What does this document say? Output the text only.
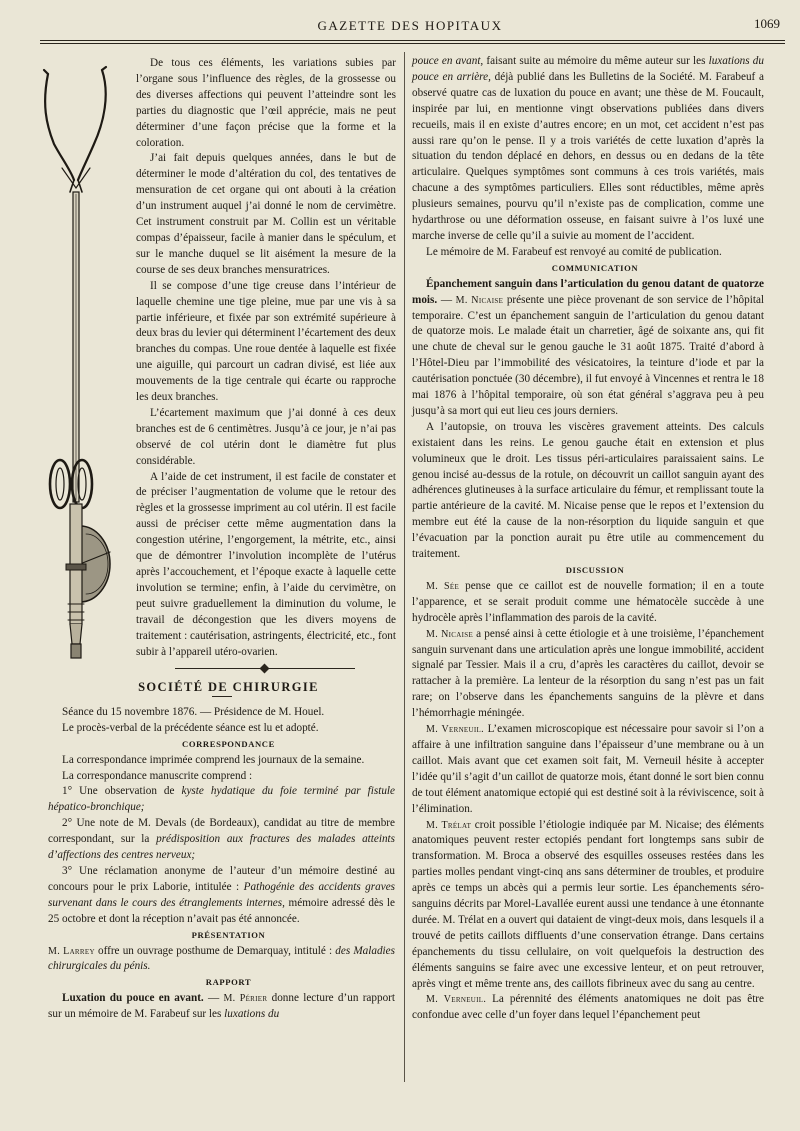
GAZETTE DES HOPITAUX	1069

De tous ces éléments, les variations subies par l’organe sous l’influence des règles, de la grossesse ou des diverses affections qui peuvent l’atteindre sont les parties du diagnostic que l’œil apprécie, mais ne peut déterminer d’une façon précise que la forme et la coloration.

J’ai fait depuis quelques années, dans le but de déterminer le mode d’altération du col, des tentatives de mensuration de cet organe qui ont abouti à la création d’un instrument auquel j’ai donné le nom de cervimètre. Cet instrument construit par M. Collin est un véritable compas d’épaisseur, facile à manier dans le spéculum, et sur le manche duquel se lit aisément la mesure de la course de ses deux branches mensuratrices.

Il se compose d’une tige creuse dans l’intérieur de laquelle chemine une tige pleine, mue par une vis à sa partie inférieure, et fixée par son extrémité supérieure à deux bras du levier qui déterminent l’écartement des deux branches du compas. Une roue dentée à laquelle est fixée une aiguille, qui parcourt un cadran divisé, est liée aux mouvements de la tige centrale qui écarte ou rapproche les deux branches.

L’écartement maximum que j’ai donné à ces deux branches est de 6 centimètres. Jusqu’à ce jour, je n’ai pas observé de col utérin dont le diamètre fut plus considérable.

A l’aide de cet instrument, il est facile de constater et de préciser l’augmentation de volume que le retour des règles et la grossesse impriment au col utérin. Il est facile aussi de préciser cette même augmentation dans la congestion utérine, l’engorgement, la métrite, etc., ainsi que de démontrer l’involution incomplète de l’utérus après l’accouchement, et l’époque exacte à laquelle cette involution se termine; enfin, à l’aide du cervimètre, on peut suivre graduellement la diminution du volume, le travail de décongestion que les divers moyens de traitement : cautérisation, astringents, électricité, etc., font subir à l’appareil utéro-ovarien.

SOCIÉTÉ DE CHIRURGIE

Séance du 15 novembre 1876. — Présidence de M. Houel.

Le procès-verbal de la précédente séance est lu et adopté.

CORRESPONDANCE

La correspondance imprimée comprend les journaux de la semaine.

La correspondance manuscrite comprend :

1° Une observation de kyste hydatique du foie terminé par fistule hépatico-bronchique;

2° Une note de M. Devals (de Bordeaux), candidat au titre de membre correspondant, sur la prédisposition aux fractures des malades atteints d’affections des centres nerveux;

3° Une réclamation anonyme de l’auteur d’un mémoire destiné au concours pour le prix Laborie, intitulée : Pathogénie des accidents graves survenant dans le cours des étranglements internes, mémoire adressé dès le 25 octobre et dont la réception n’avait pas été annoncée.

PRÉSENTATION

M. Larrey offre un ouvrage posthume de Demarquay, intitulé : des Maladies chirurgicales du pénis.

RAPPORT

Luxation du pouce en avant. — M. Périer donne lecture d’un rapport sur un mémoire de M. Farabeuf sur les luxations du

pouce en avant, faisant suite au mémoire du même auteur sur les luxations du pouce en arrière, déjà publié dans les Bulletins de la Société. M. Farabeuf a observé quatre cas de luxation du pouce en avant; une thèse de M. Foucault, inspirée par lui, en mentionne vingt observations publiées dans divers recueils, mais il en existe d’autres encore; en un mot, cet accident n’est pas aussi rare qu’on le pense. Il y a trois variétés de cette luxation d’après la situation du tendon déplacé en dehors, en dessus ou en dedans de la tête articulaire. Quelques symptômes sont communs à ces trois variétés, mais chacune a des symptômes particuliers. Elles sont réductibles, même après plusieurs semaines, pourvu qu’il n’existe pas de complication, comme une hydarthrose ou une déformation osseuse, en faisant suivre à l’os luxé une marche inverse de celle qu’il a suivie au moment de l’accident.

Le mémoire de M. Farabeuf est renvoyé au comité de publication.

COMMUNICATION

Épanchement sanguin dans l’articulation du genou datant de quatorze mois. — M. Nicaise présente une pièce provenant de son service de l’hôpital temporaire. C’est un épanchement sanguin de l’articulation du genou datant de quatorze mois. Le malade était un charretier, âgé de soixante ans, qui fit une chute de cheval sur le genou gauche le 31 août 1875. Traité d’abord à l’Hôtel-Dieu par l’immobilité des vésicatoires, la teinture d’iode et par la cautérisation ponctuée (30 décembre), il fut envoyé à Vincennes et rentra le 18 mai 1876 à l’hôpital temporaire, où son état général s’aggrava peu à peu jusqu’à sa mort qui eut lieu ces jours derniers.

A l’autopsie, on trouva les viscères gravement atteints. Des calculs existaient dans les reins. Le genou gauche était en extension et plus volumineux que le droit. Les tissus péri-articulaires paraissaient sains. Le genou incisé au-dessus de la rotule, on découvrit un caillot sanguin ayant des adhérences glutineuses à la surface articulaire du fémur, et remplissant toute la partie antérieure de la cavité. M. Nicaise pense que le repos et l’extension du membre eut été la cause de la non-résorption du liquide sanguin et que l’évacuation par la ponction aurait pu être utile au commencement du traitement.

DISCUSSION

M. Sée pense que ce caillot est de nouvelle formation; il en a toute l’apparence, et se serait produit comme une hématocèle succède à une hydrocèle après l’inflammation des parois de la cavité.

M. Nicaise a pensé ainsi à cette étiologie et à une troisième, l’épanchement sanguin survenant dans une articulation après une longue immobilité, accident signalé par Tessier. Mais il a cru, d’après les caractères du caillot, devoir se rattacher à la première. La lenteur de la résorption du sang n’est pas un fait rare; on l’observe dans les épanchements sanguins de la plèvre et dans l’hémorrhagie méningée.

M. Verneuil. L’examen microscopique est nécessaire pour savoir si l’on a affaire à une infiltration sanguine dans l’épaisseur d’une membrane ou à un caillot. Mais avant que cet examen soit fait, M. Verneuil hésite à accepter l’idée qu’il s’agit d’un caillot de quatorze mois, étant donné le sort bien connu de tout élément anatomique ectopié qui est destiné soit à la réviviscence, soit à l’élimination.

M. Trélat croit possible l’étiologie indiquée par M. Nicaise; des éléments anatomiques peuvent rester ectopiés pendant fort longtemps sans subir de transformation. M. Broca a observé des esquilles osseuses restées dans les parties molles pendant vingt-cinq ans sans déterminer de troubles, et produire après ce temps un abcès qui a permis leur sortie. Les épanchements séro-sanguins décrits par Morel-Lavallée eurent aussi une tendance à une étonnante durée. M. Trélat en a ouvert qui dataient de vingt-deux mois, dans lesquels il a trouvé de petits caillots diffluents d’une conservation étrange. Dans certains épanchements du tissu cellulaire, on voit quelquefois la destruction des éléments sanguins se faire avec une excessive lenteur, et on peut retrouver, après vingt et même trente ans, des caillots fibrineux avec du sang au centre.

M. Verneuil. La pérennité des éléments anatomiques ne doit pas être confondue avec celle d’un foyer dans lequel l’épanchement peut
